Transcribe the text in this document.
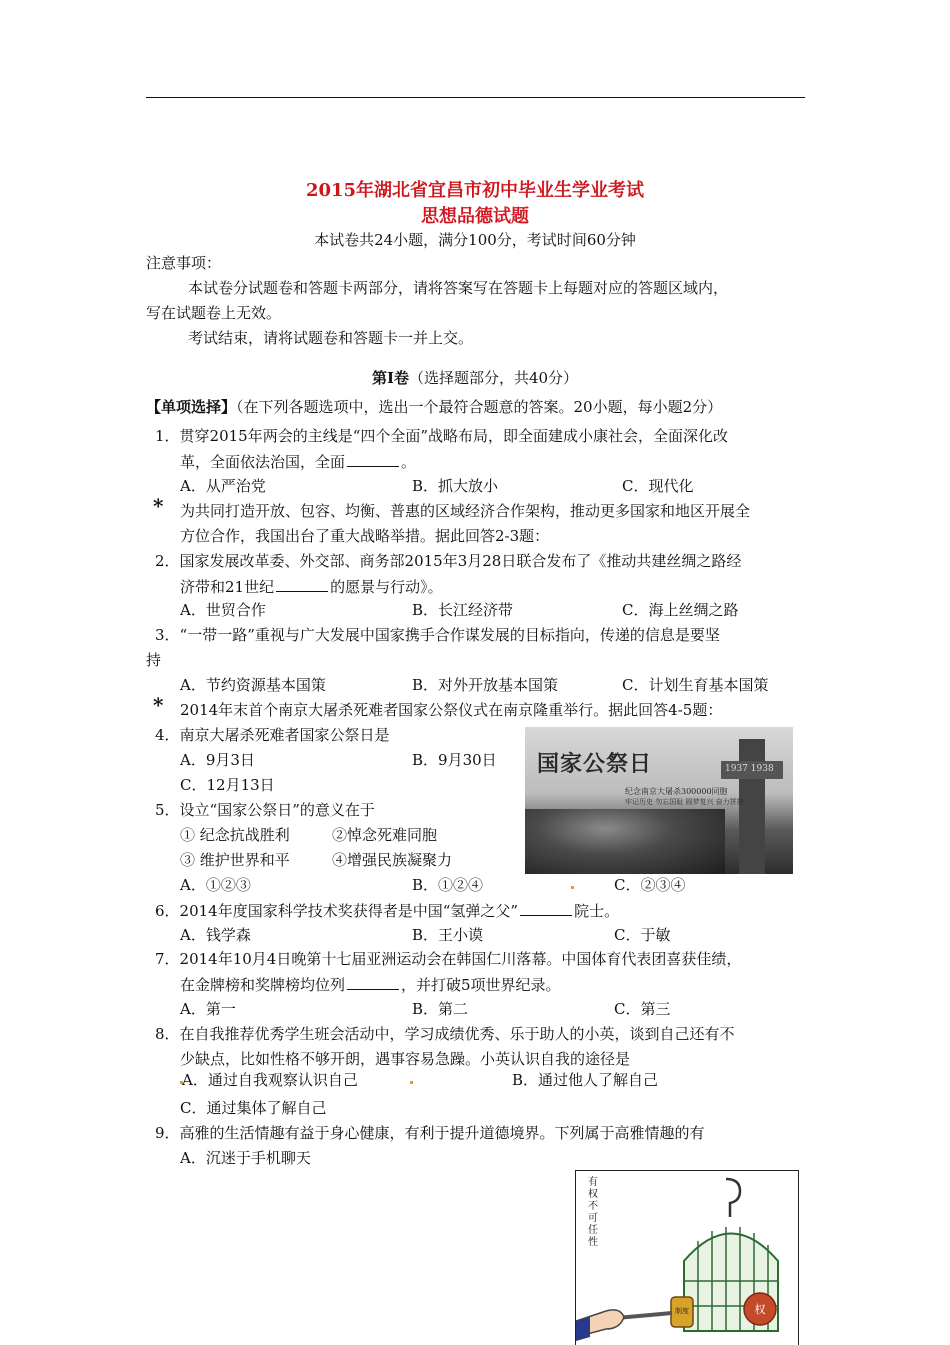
2015年湖北省宜昌市初中毕业生学业考试
思想品德试题
本试卷共24小题，满分100分，考试时间60分钟
注意事项：
本试卷分试题卷和答题卡两部分，请将答案写在答题卡上每题对应的答题区域内，
写在试题卷上无效。
考试结束，请将试题卷和答题卡一并上交。
第Ⅰ卷（选择题部分，共40分）
【单项选择】（在下列各题选项中，选出一个最符合题意的答案。20小题，每小题2分）
1．贯穿2015年两会的主线是“四个全面”战略布局，即全面建成小康社会，全面深化改
革，全面依法治国，全面	。
A．从严治党	B．抓大放小	C．现代化
* 为共同打造开放、包容、均衡、普惠的区域经济合作架构，推动更多国家和地区开展全
方位合作，我国出台了重大战略举措。据此回答2-3题：
2．国家发展改革委、外交部、商务部2015年3月28日联合发布了《推动共建丝绸之路经
济带和21世纪	的愿景与行动》。
A．世贸合作	B．长江经济带	C．海上丝绸之路
3．“一带一路”重视与广大发展中国家携手合作谋发展的目标指向，传递的信息是要坚
持
A．节约资源基本国策	B．对外开放基本国策	C．计划生育基本国策
* 2014年末首个南京大屠杀死难者国家公祭仪式在南京隆重举行。据此回答4-5题：
4．南京大屠杀死难者国家公祭日是
A．9月3日	B．9月30日
C．12月13日
1937 1938
国家公祭日
纪念南京大屠杀300000同胞
牢记历史 勿忘国耻 圆梦复兴 奋力拼搏
5．设立“国家公祭日”的意义在于
① 纪念抗战胜利	②悼念死难同胞
③ 维护世界和平	④增强民族凝聚力
A．①②③	B．①②④	C．②③④
6．2014年度国家科学技术奖获得者是中国“氢弹之父”	院士。
A．钱学森	B．王小谟	C．于敏
7．2014年10月4日晚第十七届亚洲运动会在韩国仁川落幕。中国体育代表团喜获佳绩，
在金牌榜和奖牌榜均位列	，并打破5项世界纪录。
A．第一	B．第二	C．第三
8．在自我推荐优秀学生班会活动中，学习成绩优秀、乐于助人的小英，谈到自己还有不
少缺点，比如性格不够开朗，遇事容易急躁。小英认识自我的途径是
A．通过自我观察认识自己	B．通过他人了解自己
C．通过集体了解自己
9．高雅的生活情趣有益于身心健康，有利于提升道德境界。下列属于高雅情趣的有
A．沉迷于手机聊天
有权不可任性
制度	权
